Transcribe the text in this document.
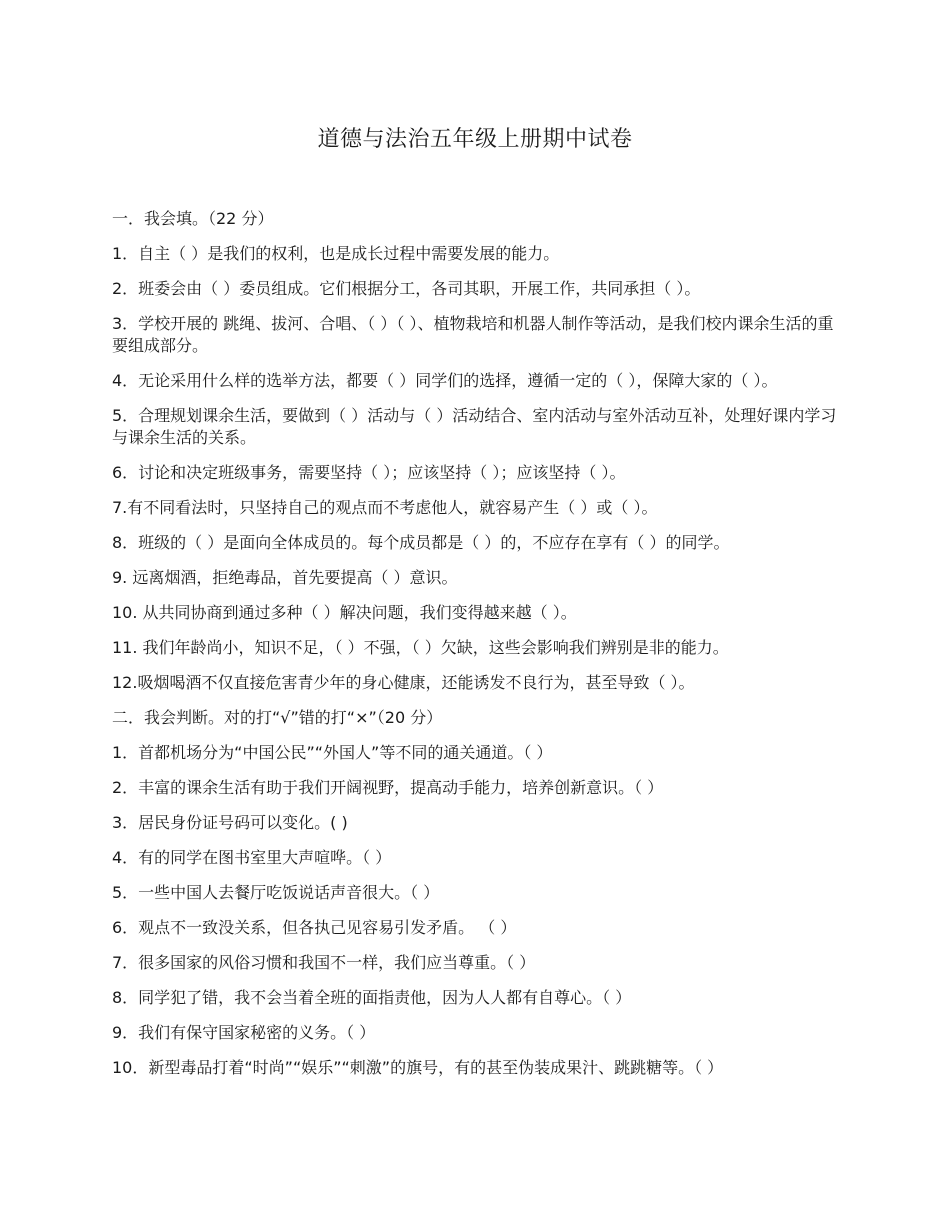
道德与法治五年级上册期中试卷

一．我会填。（22 分）

1．自主（ ）是我们的权利，也是成长过程中需要发展的能力。

2．班委会由（ ）委员组成。它们根据分工，各司其职，开展工作，共同承担（ ）。

3．学校开展的 跳绳、拔河、合唱、（ ）（ ）、植物栽培和机器人制作等活动，是我们校内课余生活的重要组成部分。

4．无论采用什么样的选举方法，都要（ ）同学们的选择，遵循一定的（ ），保障大家的（ ）。

5．合理规划课余生活，要做到（ ）活动与（ ）活动结合、室内活动与室外活动互补，处理好课内学习与课余生活的关系。

6．讨论和决定班级事务，需要坚持（ ）；应该坚持（ ）；应该坚持（ ）。

7.有不同看法时，只坚持自己的观点而不考虑他人，就容易产生（ ）或（ ）。

8．班级的（ ）是面向全体成员的。每个成员都是（ ）的，不应存在享有（ ）的同学。

9. 远离烟酒，拒绝毒品，首先要提高（ ）意识。

10. 从共同协商到通过多种（ ）解决问题，我们变得越来越（ ）。

11. 我们年龄尚小，知识不足，（ ）不强，（ ）欠缺，这些会影响我们辨别是非的能力。

12.吸烟喝酒不仅直接危害青少年的身心健康，还能诱发不良行为，甚至导致（ ）。

二．我会判断。对的打“√”错的打“×”（20 分）

1．首都机场分为“中国公民”“外国人”等不同的通关通道。（ ）

2．丰富的课余生活有助于我们开阔视野，提高动手能力，培养创新意识。（ ）

3．居民身份证号码可以变化。( )

4．有的同学在图书室里大声喧哗。（ ）

5．一些中国人去餐厅吃饭说话声音很大。（ ）

6．观点不一致没关系，但各执己见容易引发矛盾。 （ ）

7．很多国家的风俗习惯和我国不一样，我们应当尊重。（ ）

8．同学犯了错，我不会当着全班的面指责他，因为人人都有自尊心。（ ）

9．我们有保守国家秘密的义务。（ ）

10．新型毒品打着“时尚”“娱乐”“刺激”的旗号，有的甚至伪装成果汁、跳跳糖等。（ ）
